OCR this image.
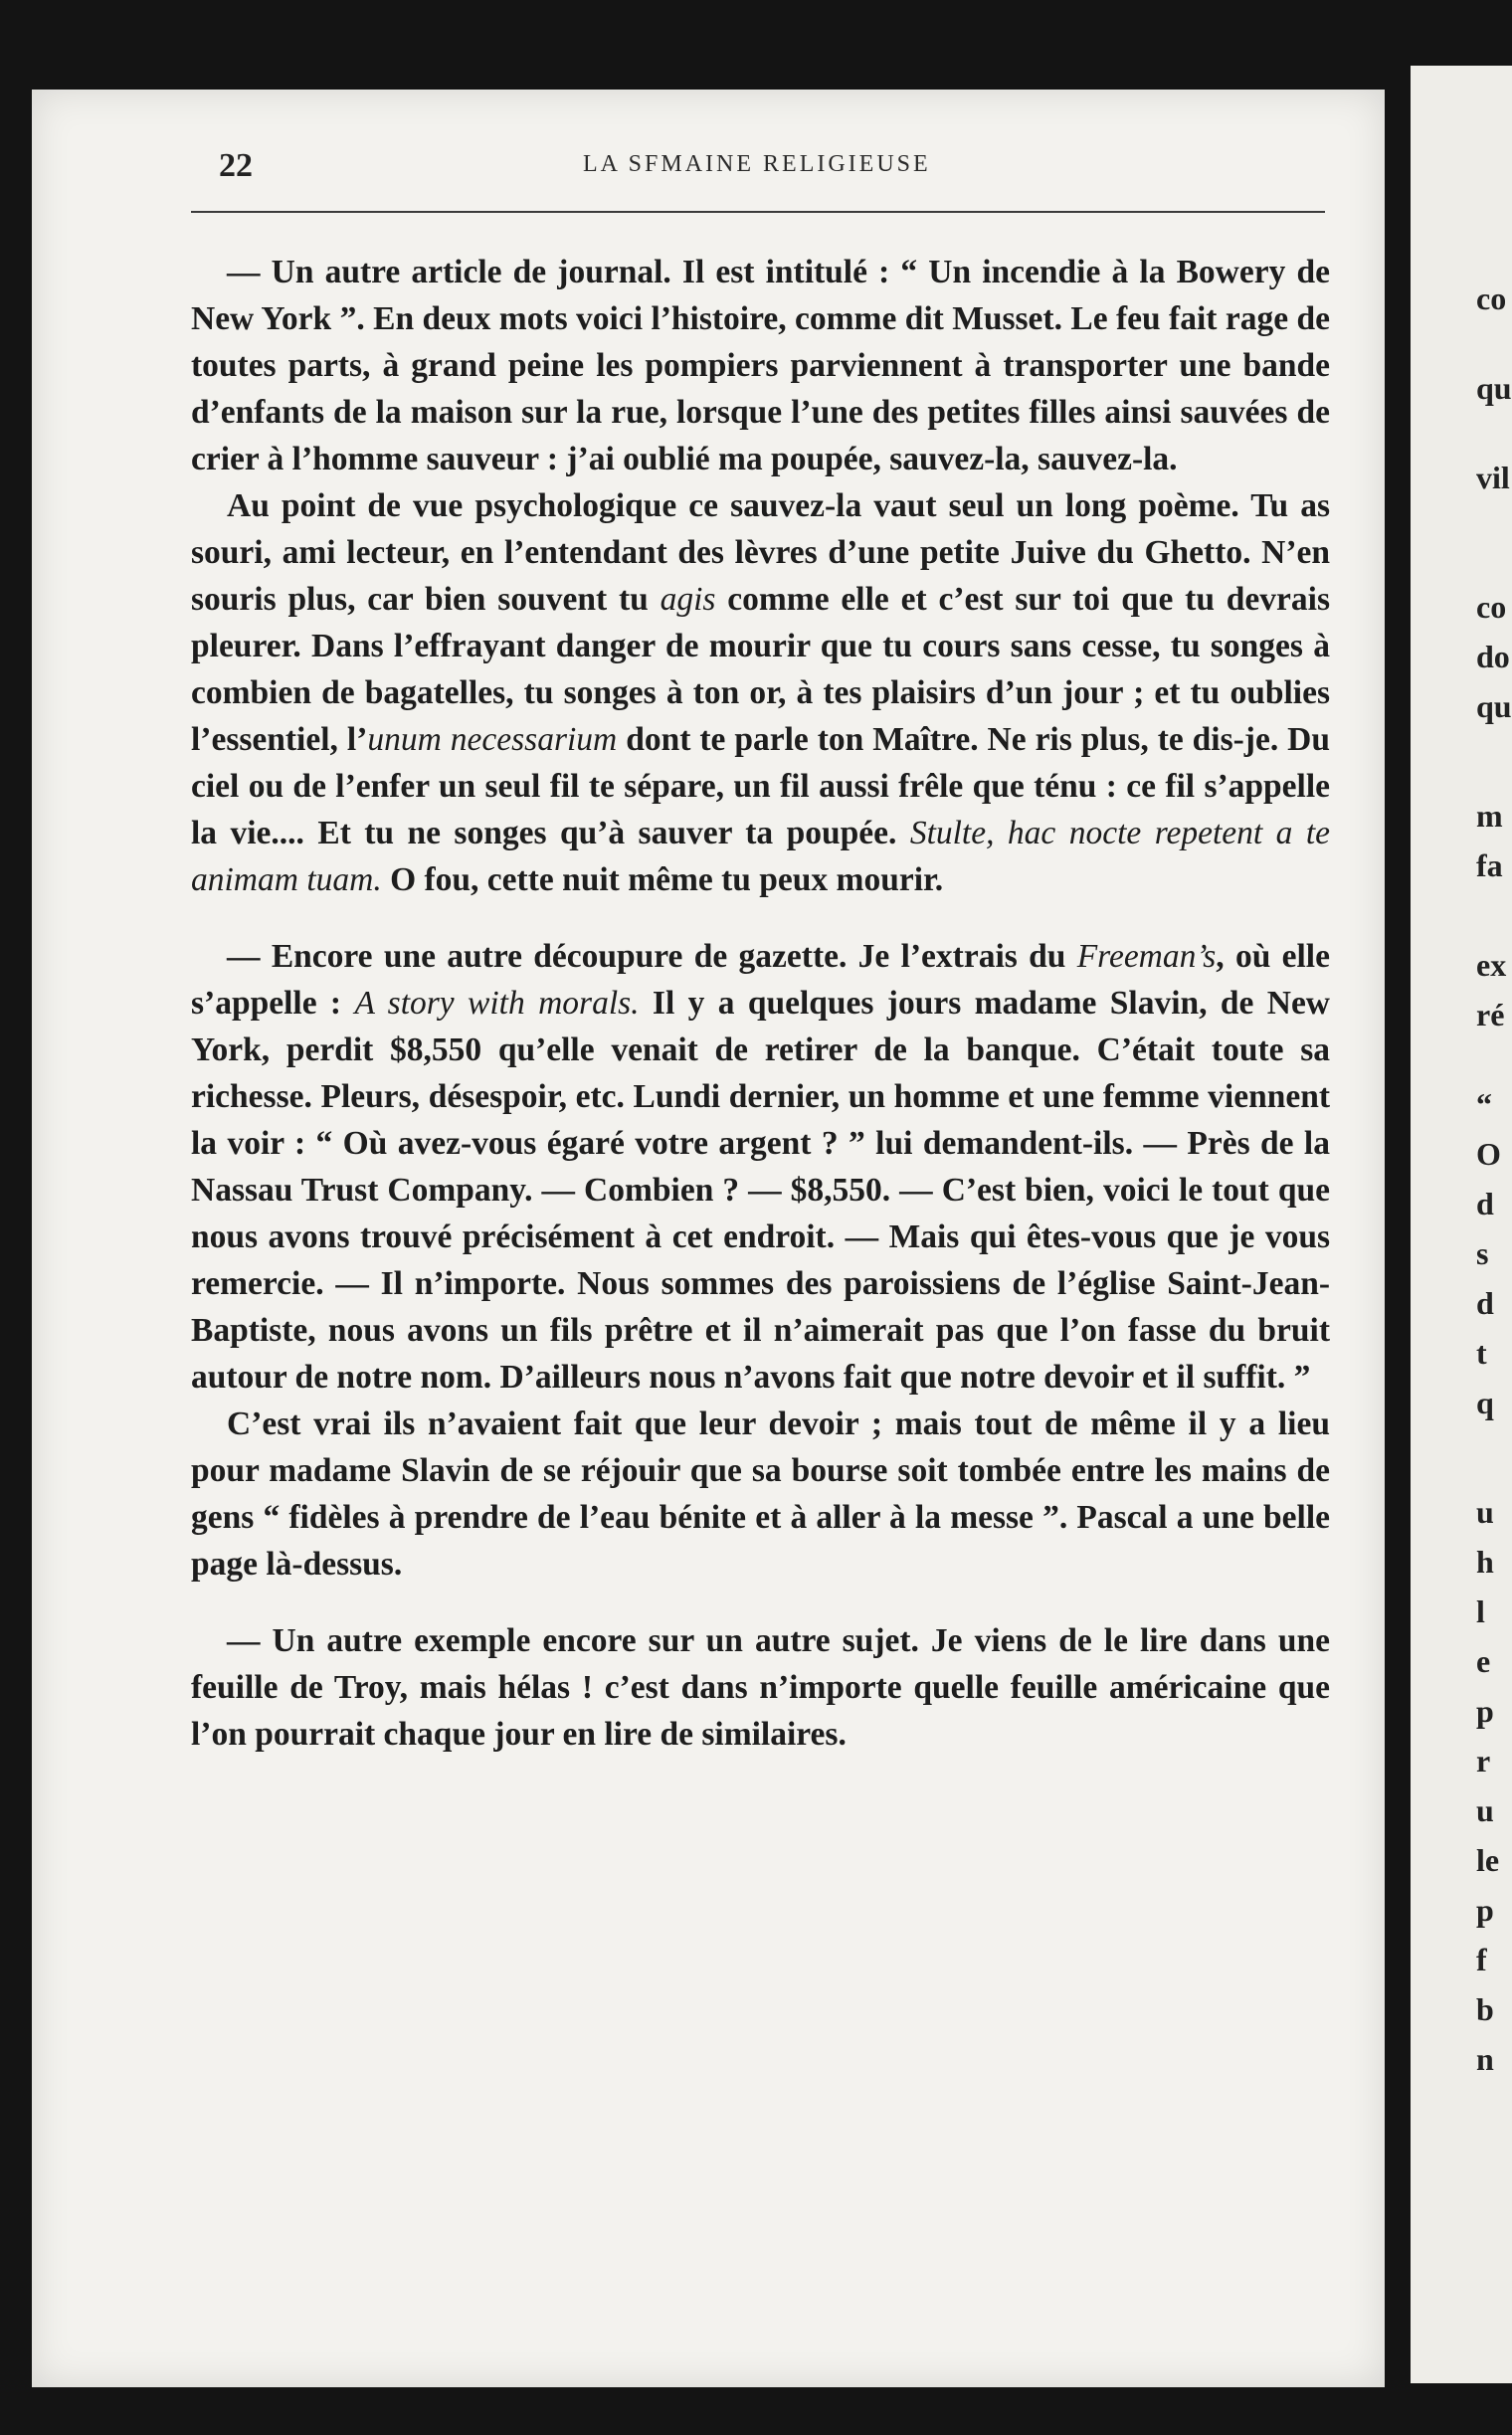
co
qu
vil
co
do
qu
m
fa
ex
ré
“
O
d
s
d
t
q
u
h
l
e
p
r
u
le
p
f
b
n
22	LA SFMAINE RELIGIEUSE

— Un autre article de journal. Il est intitulé : “ Un incendie à la Bowery de New York ”. En deux mots voici l’histoire, comme dit Musset. Le feu fait rage de toutes parts, à grand peine les pompiers parviennent à transporter une bande d’enfants de la maison sur la rue, lorsque l’une des petites filles ainsi sauvées de crier à l’homme sauveur : j’ai oublié ma poupée, sauvez-la, sauvez-la.

Au point de vue psychologique ce sauvez-la vaut seul un long poème. Tu as souri, ami lecteur, en l’entendant des lèvres d’une petite Juive du Ghetto. N’en souris plus, car bien souvent tu agis comme elle et c’est sur toi que tu devrais pleurer. Dans l’effrayant danger de mourir que tu cours sans cesse, tu songes à combien de bagatelles, tu songes à ton or, à tes plaisirs d’un jour ; et tu oublies l’essentiel, l’unum necessarium dont te parle ton Maître. Ne ris plus, te dis-je. Du ciel ou de l’enfer un seul fil te sépare, un fil aussi frêle que ténu : ce fil s’appelle la vie.... Et tu ne songes qu’à sauver ta poupée. Stulte, hac nocte repetent a te animam tuam. O fou, cette nuit même tu peux mourir.

— Encore une autre découpure de gazette. Je l’extrais du Freeman’s, où elle s’appelle : A story with morals. Il y a quelques jours madame Slavin, de New York, perdit $8,550 qu’elle venait de retirer de la banque. C’était toute sa richesse. Pleurs, désespoir, etc. Lundi dernier, un homme et une femme viennent la voir : “ Où avez-vous égaré votre argent ? ” lui demandent-ils. — Près de la Nassau Trust Company. — Combien ? — $8,550. — C’est bien, voici le tout que nous avons trouvé précisément à cet endroit. — Mais qui êtes-vous que je vous remercie. — Il n’importe. Nous sommes des paroissiens de l’église Saint-Jean-Baptiste, nous avons un fils prêtre et il n’aimerait pas que l’on fasse du bruit autour de notre nom. D’ailleurs nous n’avons fait que notre devoir et il suffit. ”

C’est vrai ils n’avaient fait que leur devoir ; mais tout de même il y a lieu pour madame Slavin de se réjouir que sa bourse soit tombée entre les mains de gens “ fidèles à prendre de l’eau bénite et à aller à la messe ”. Pascal a une belle page là-dessus.

— Un autre exemple encore sur un autre sujet. Je viens de le lire dans une feuille de Troy, mais hélas ! c’est dans n’importe quelle feuille américaine que l’on pourrait chaque jour en lire de similaires.
